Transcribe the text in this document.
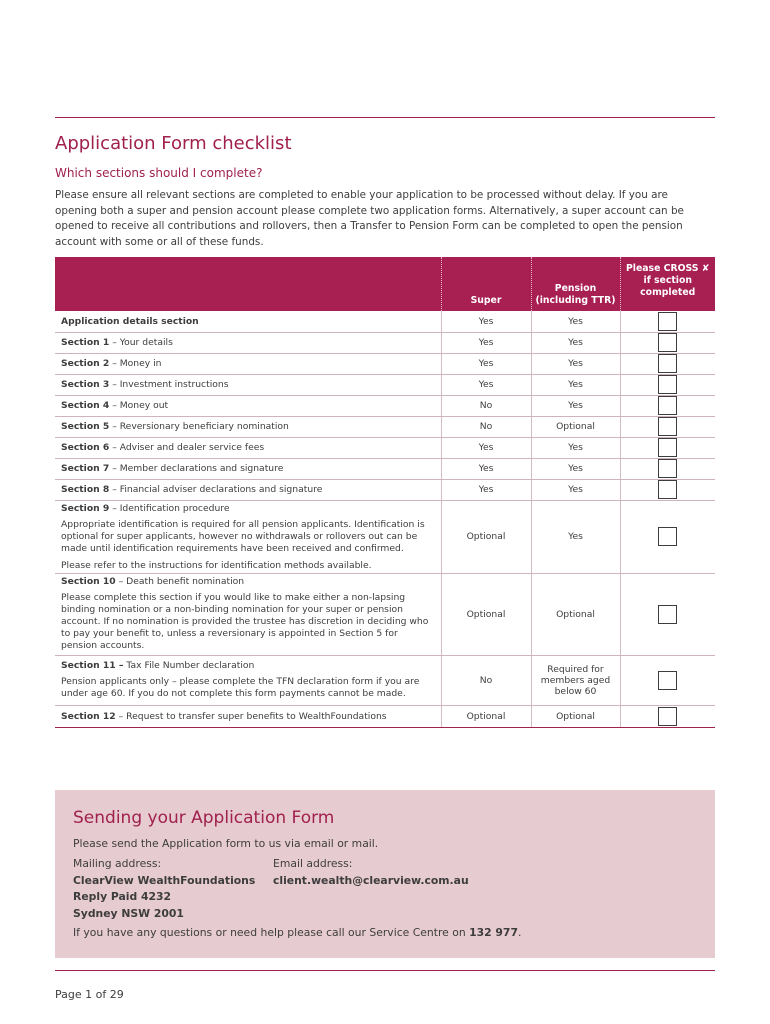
Application Form checklist
Which sections should I complete?

Please ensure all relevant sections are completed to enable your application to be processed without delay. If you are opening both a super and pension account please complete two application forms. Alternatively, a super account can be opened to receive all contributions and rollovers, then a Transfer to Pension Form can be completed to open the pension account with some or all of these funds.

	Super	Pension (including TTR)	Please CROSS ✘ if section completed
Application details section	Yes	Yes	

Section 1 – Your details	Yes	Yes	

Section 2 – Money in	Yes	Yes	

Section 3 – Investment instructions	Yes	Yes	

Section 4 – Money out	No	Yes	

Section 5 – Reversionary beneficiary nomination	No	Optional	

Section 6 – Adviser and dealer service fees	Yes	Yes	

Section 7 – Member declarations and signature	Yes	Yes	

Section 8 – Financial adviser declarations and signature	Yes	Yes	

Section 9 – Identification procedure
Appropriate identification is required for all pension applicants. Identification is optional for super applicants, however no withdrawals or rollovers out can be made until identification requirements have been received and confirmed.
Please refer to the instructions for identification methods available.	Optional	Yes	

Section 10 – Death benefit nomination
Please complete this section if you would like to make either a non-lapsing binding nomination or a non-binding nomination for your super or pension account. If no nomination is provided the trustee has discretion in deciding who to pay your benefit to, unless a reversionary is appointed in Section 5 for pension accounts.	Optional	Optional	

Section 11 – Tax File Number declaration
Pension applicants only – please complete the TFN declaration form if you are under age 60. If you do not complete this form payments cannot be made.	No	Required for members aged below 60	

Section 12 – Request to transfer super benefits to WealthFoundations	Optional	Optional	
Sending your Application Form

Please send the Application form to us via email or mail.

Mailing address:
ClearView WealthFoundations
Reply Paid 4232
Sydney NSW 2001
Email address:
client.wealth@clearview.com.au

If you have any questions or need help please call our Service Centre on 132 977.

Page 1 of 29
